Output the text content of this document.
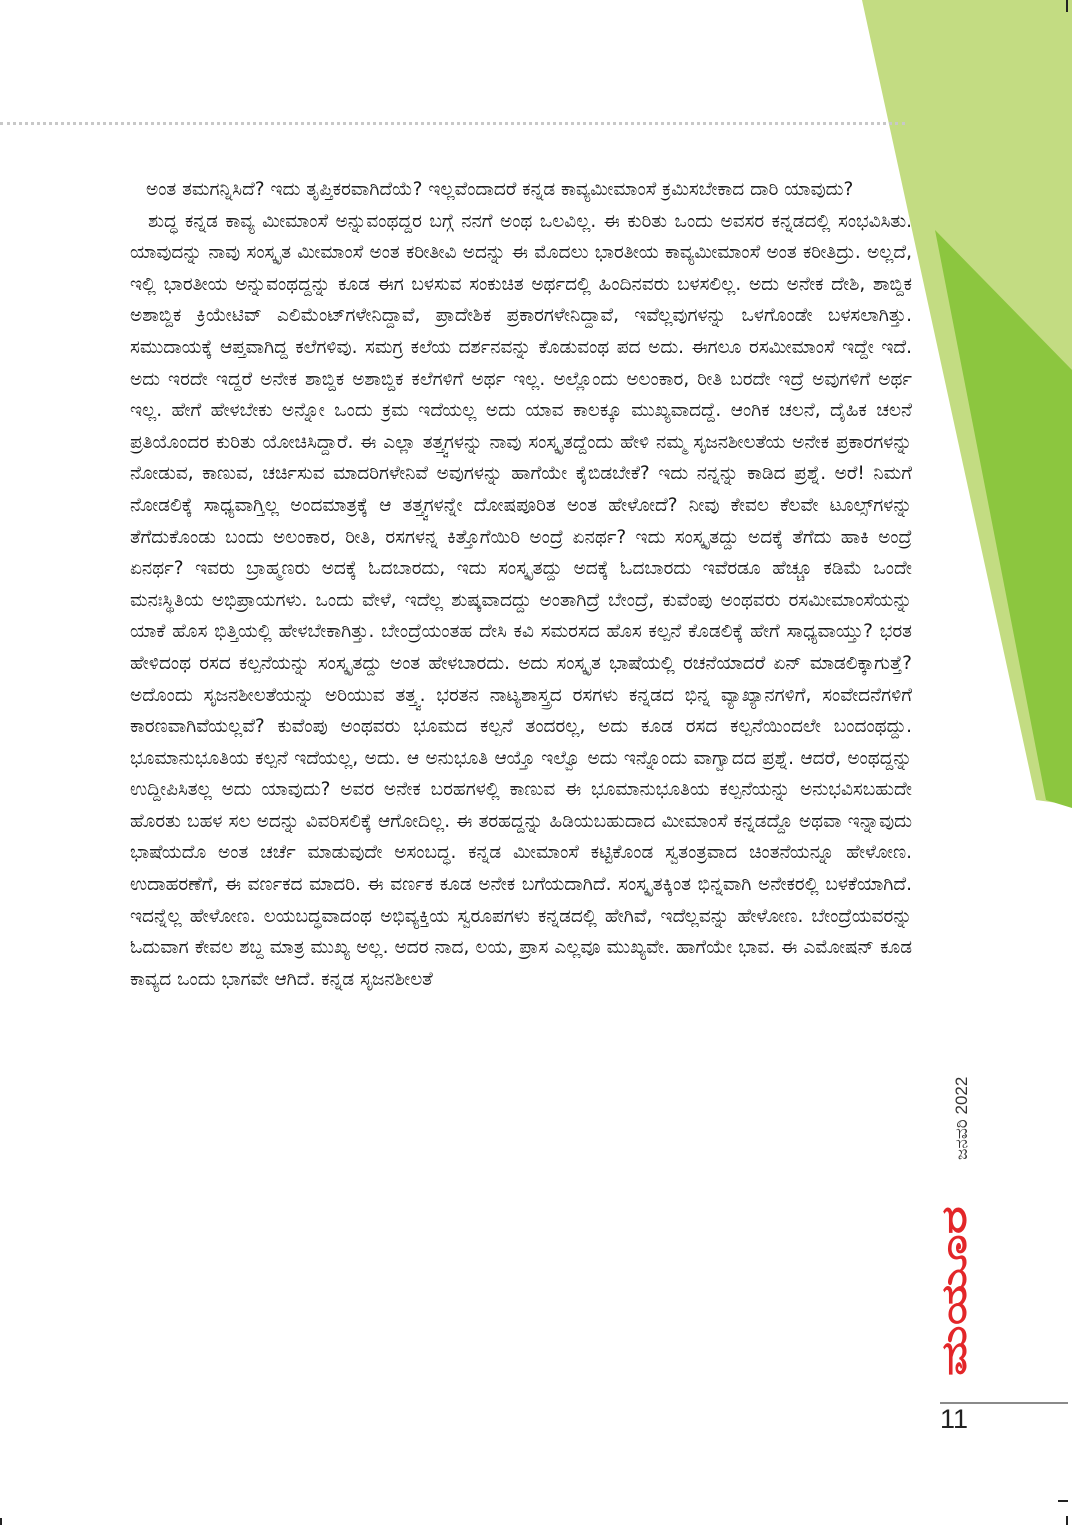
ಅಂತ ತಮಗನ್ನಿಸಿದೆ? ಇದು ತೃಪ್ತಿಕರವಾಗಿದೆಯೆ? ಇಲ್ಲವೆಂದಾದರೆ ಕನ್ನಡ ಕಾವ್ಯಮೀಮಾಂಸೆ ಕ್ರಮಿಸಬೇಕಾದ ದಾರಿ ಯಾವುದು?

ಶುದ್ಧ ಕನ್ನಡ ಕಾವ್ಯ ಮೀಮಾಂಸೆ ಅನ್ನುವಂಥದ್ದರ ಬಗ್ಗೆ ನನಗೆ ಅಂಥ ಒಲವಿಲ್ಲ. ಈ ಕುರಿತು ಒಂದು ಅವಸರ ಕನ್ನಡದಲ್ಲಿ ಸಂಭವಿಸಿತು. ಯಾವುದನ್ನು ನಾವು ಸಂಸ್ಕೃತ ಮೀಮಾಂಸೆ ಅಂತ ಕರೀತೀವಿ ಅದನ್ನು ಈ ಮೊದಲು ಭಾರತೀಯ ಕಾವ್ಯಮೀಮಾಂಸೆ ಅಂತ ಕರೀತಿದ್ರು. ಅಲ್ಲದೆ, ಇಲ್ಲಿ ಭಾರತೀಯ ಅನ್ನುವಂಥದ್ದನ್ನು ಕೂಡ ಈಗ ಬಳಸುವ ಸಂಕುಚಿತ ಅರ್ಥದಲ್ಲಿ ಹಿಂದಿನವರು ಬಳಸಲಿಲ್ಲ. ಅದು ಅನೇಕ ದೇಶಿ, ಶಾಬ್ದಿಕ ಅಶಾಬ್ದಿಕ ಕ್ರಿಯೇಟಿವ್ ಎಲಿಮೆಂಟ್‌ಗಳೇನಿದ್ದಾವೆ, ಪ್ರಾದೇಶಿಕ ಪ್ರಕಾರಗಳೇನಿದ್ದಾವೆ, ಇವೆಲ್ಲವುಗಳನ್ನು ಒಳಗೊಂಡೇ ಬಳಸಲಾಗಿತ್ತು. ಸಮುದಾಯಕ್ಕೆ ಆಪ್ತವಾಗಿದ್ದ ಕಲೆಗಳಿವು. ಸಮಗ್ರ ಕಲೆಯ ದರ್ಶನವನ್ನು ಕೊಡುವಂಥ ಪದ ಅದು. ಈಗಲೂ ರಸಮೀಮಾಂಸೆ ಇದ್ದೇ ಇದೆ. ಅದು ಇರದೇ ಇದ್ದರೆ ಅನೇಕ ಶಾಬ್ದಿಕ ಅಶಾಬ್ದಿಕ ಕಲೆಗಳಿಗೆ ಅರ್ಥ ಇಲ್ಲ. ಅಲ್ಲೊಂದು ಅಲಂಕಾರ, ರೀತಿ ಬರದೇ ಇದ್ರೆ ಅವುಗಳಿಗೆ ಅರ್ಥ ಇಲ್ಲ. ಹೇಗೆ ಹೇಳಬೇಕು ಅನ್ನೋ ಒಂದು ಕ್ರಮ ಇದೆಯಲ್ಲ ಅದು ಯಾವ ಕಾಲಕ್ಕೂ ಮುಖ್ಯವಾದದ್ದೆ. ಆಂಗಿಕ ಚಲನೆ, ದೈಹಿಕ ಚಲನೆ ಪ್ರತಿಯೊಂದರ ಕುರಿತು ಯೋಚಿಸಿದ್ದಾರೆ. ಈ ಎಲ್ಲಾ ತತ್ತ್ವಗಳನ್ನು ನಾವು ಸಂಸ್ಕೃತದ್ದೆಂದು ಹೇಳಿ ನಮ್ಮ ಸೃಜನಶೀಲತೆಯ ಅನೇಕ ಪ್ರಕಾರಗಳನ್ನು ನೋಡುವ, ಕಾಣುವ, ಚರ್ಚಿಸುವ ಮಾದರಿಗಳೇನಿವೆ ಅವುಗಳನ್ನು ಹಾಗೆಯೇ ಕೈಬಿಡಬೇಕೆ? ಇದು ನನ್ನನ್ನು ಕಾಡಿದ ಪ್ರಶ್ನೆ. ಅರೆ! ನಿಮಗೆ ನೋಡಲಿಕ್ಕೆ ಸಾಧ್ಯವಾಗ್ತಿಲ್ಲ ಅಂದಮಾತ್ರಕ್ಕೆ ಆ ತತ್ತ್ವಗಳನ್ನೇ ದೋಷಪೂರಿತ ಅಂತ ಹೇಳೋದೆ? ನೀವು ಕೇವಲ ಕೆಲವೇ ಟೂಲ್ಸ್‌ಗಳನ್ನು ತೆಗೆದುಕೊಂಡು ಬಂದು ಅಲಂಕಾರ, ರೀತಿ, ರಸಗಳನ್ನ ಕಿತ್ತೊಗೆಯಿರಿ ಅಂದ್ರೆ ಏನರ್ಥ? ಇದು ಸಂಸ್ಕೃತದ್ದು ಅದಕ್ಕೆ ತೆಗೆದು ಹಾಕಿ ಅಂದ್ರೆ ಏನರ್ಥ? ಇವರು ಬ್ರಾಹ್ಮಣರು ಅದಕ್ಕೆ ಓದಬಾರದು, ಇದು ಸಂಸ್ಕೃತದ್ದು ಅದಕ್ಕೆ ಓದಬಾರದು ಇವೆರಡೂ ಹೆಚ್ಚೂ ಕಡಿಮೆ ಒಂದೇ ಮನಃಸ್ಥಿತಿಯ ಅಭಿಪ್ರಾಯಗಳು. ಒಂದು ವೇಳೆ, ಇದೆಲ್ಲ ಶುಷ್ಕವಾದದ್ದು ಅಂತಾಗಿದ್ರೆ ಬೇಂದ್ರೆ, ಕುವೆಂಪು ಅಂಥವರು ರಸಮೀಮಾಂಸೆಯನ್ನು ಯಾಕೆ ಹೊಸ ಭಿತ್ತಿಯಲ್ಲಿ ಹೇಳಬೇಕಾಗಿತ್ತು. ಬೇಂದ್ರೆಯಂತಹ ದೇಸಿ ಕವಿ ಸಮರಸದ ಹೊಸ ಕಲ್ಪನೆ ಕೊಡಲಿಕ್ಕೆ ಹೇಗೆ ಸಾಧ್ಯವಾಯ್ತು? ಭರತ ಹೇಳಿದಂಥ ರಸದ ಕಲ್ಪನೆಯನ್ನು ಸಂಸ್ಕೃತದ್ದು ಅಂತ ಹೇಳಬಾರದು. ಅದು ಸಂಸ್ಕೃತ ಭಾಷೆಯಲ್ಲಿ ರಚನೆಯಾದರೆ ಏನ್ ಮಾಡಲಿಕ್ಕಾಗುತ್ತೆ? ಅದೊಂದು ಸೃಜನಶೀಲತೆಯನ್ನು ಅರಿಯುವ ತತ್ತ್ವ. ಭರತನ ನಾಟ್ಯಶಾಸ್ತ್ರದ ರಸಗಳು ಕನ್ನಡದ ಭಿನ್ನ ವ್ಯಾಖ್ಯಾನಗಳಿಗೆ, ಸಂವೇದನೆಗಳಿಗೆ ಕಾರಣವಾಗಿವೆಯಲ್ಲವೆ? ಕುವೆಂಪು ಅಂಥವರು ಭೂಮದ ಕಲ್ಪನೆ ತಂದರಲ್ಲ, ಅದು ಕೂಡ ರಸದ ಕಲ್ಪನೆಯಿಂದಲೇ ಬಂದಂಥದ್ದು. ಭೂಮಾನುಭೂತಿಯ ಕಲ್ಪನೆ ಇದೆಯಲ್ಲ, ಅದು. ಆ ಅನುಭೂತಿ ಆಯ್ತೊ ಇಲ್ವೊ ಅದು ಇನ್ನೊಂದು ವಾಗ್ವಾದದ ಪ್ರಶ್ನೆ. ಆದರೆ, ಅಂಥದ್ದನ್ನು ಉದ್ದೀಪಿಸಿತಲ್ಲ ಅದು ಯಾವುದು? ಅವರ ಅನೇಕ ಬರಹಗಳಲ್ಲಿ ಕಾಣುವ ಈ ಭೂಮಾನುಭೂತಿಯ ಕಲ್ಪನೆಯನ್ನು ಅನುಭವಿಸಬಹುದೇ ಹೊರತು ಬಹಳ ಸಲ ಅದನ್ನು ವಿವರಿಸಲಿಕ್ಕೆ ಆಗೋದಿಲ್ಲ. ಈ ತರಹದ್ದನ್ನು ಹಿಡಿಯಬಹುದಾದ ಮೀಮಾಂಸೆ ಕನ್ನಡದ್ದೊ ಅಥವಾ ಇನ್ನಾವುದು ಭಾಷೆಯದೊ ಅಂತ ಚರ್ಚೆ ಮಾಡುವುದೇ ಅಸಂಬದ್ಧ. ಕನ್ನಡ ಮೀಮಾಂಸೆ ಕಟ್ಟಿಕೊಂಡ ಸ್ವತಂತ್ರವಾದ ಚಿಂತನೆಯನ್ನೂ ಹೇಳೋಣ. ಉದಾಹರಣೆಗೆ, ಈ ವರ್ಣಕದ ಮಾದರಿ. ಈ ವರ್ಣಕ ಕೂಡ ಅನೇಕ ಬಗೆಯದಾಗಿದೆ. ಸಂಸ್ಕೃತಕ್ಕಿಂತ ಭಿನ್ನವಾಗಿ ಅನೇಕರಲ್ಲಿ ಬಳಕೆಯಾಗಿದೆ. ಇದನ್ನೆಲ್ಲ ಹೇಳೋಣ. ಲಯಬದ್ಧವಾದಂಥ ಅಭಿವ್ಯಕ್ತಿಯ ಸ್ವರೂಪಗಳು ಕನ್ನಡದಲ್ಲಿ ಹೇಗಿವೆ, ಇದೆಲ್ಲವನ್ನು ಹೇಳೋಣ. ಬೇಂದ್ರೆಯವರನ್ನು ಓದುವಾಗ ಕೇವಲ ಶಬ್ದ ಮಾತ್ರ ಮುಖ್ಯ ಅಲ್ಲ. ಅದರ ನಾದ, ಲಯ, ಪ್ರಾಸ ಎಲ್ಲವೂ ಮುಖ್ಯವೇ. ಹಾಗೆಯೇ ಭಾವ. ಈ ಎಮೋಷನ್ ಕೂಡ ಕಾವ್ಯದ ಒಂದು ಭಾಗವೇ ಆಗಿದೆ. ಕನ್ನಡ ಸೃಜನಶೀಲತೆ

ಜನವರಿ 2022
ಮಯೂರ
11
